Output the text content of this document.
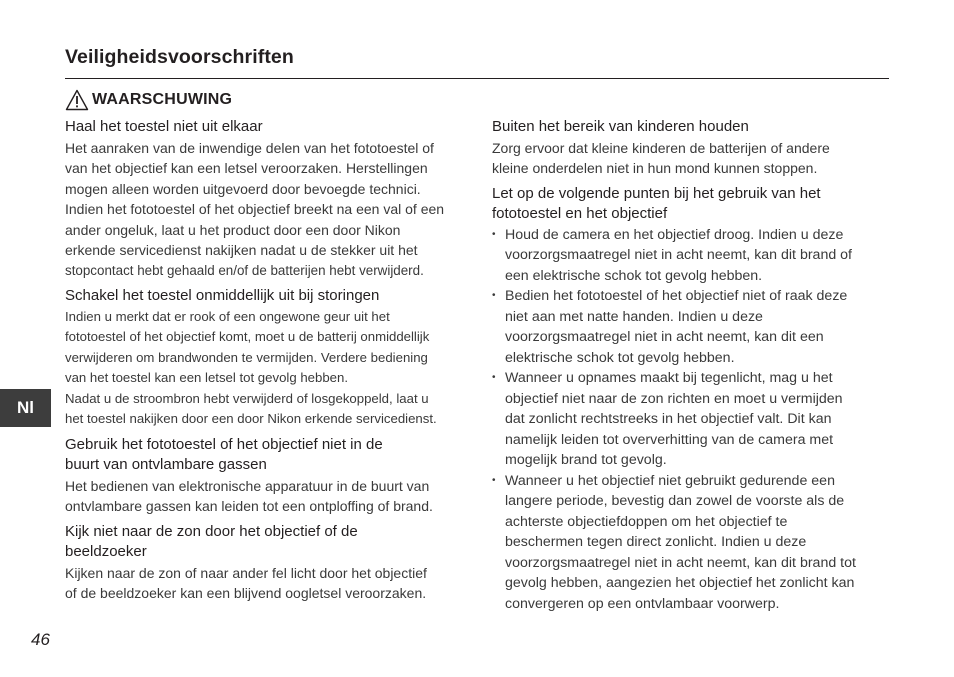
Veiligheidsvoorschriften
WAARSCHUWING
Haal het toestel niet uit elkaar
Het aanraken van de inwendige delen van het fototoestel of
van het objectief kan een letsel veroorzaken. Herstellingen
mogen alleen worden uitgevoerd door bevoegde technici.
Indien het fototoestel of het objectief breekt na een val of een
ander ongeluk, laat u het product door een door Nikon
erkende servicedienst nakijken nadat u de stekker uit het
stopcontact hebt gehaald en/of de batterijen hebt verwijderd.
Schakel het toestel onmiddellijk uit bij storingen
Indien u merkt dat er rook of een ongewone geur uit het
fototoestel of het objectief komt, moet u de batterij onmiddellijk
verwijderen om brandwonden te vermijden. Verdere bediening
van het toestel kan een letsel tot gevolg hebben.
Nadat u de stroombron hebt verwijderd of losgekoppeld, laat u
het toestel nakijken door een door Nikon erkende servicedienst.
Gebruik het fototoestel of het objectief niet in de
buurt van ontvlambare gassen
Het bedienen van elektronische apparatuur in de buurt van
ontvlambare gassen kan leiden tot een ontploffing of brand.
Kijk niet naar de zon door het objectief of de
beeldzoeker
Kijken naar de zon of naar ander fel licht door het objectief
of de beeldzoeker kan een blijvend oogletsel veroorzaken.
Buiten het bereik van kinderen houden
Zorg ervoor dat kleine kinderen de batterijen of andere
kleine onderdelen niet in hun mond kunnen stoppen.
Let op de volgende punten bij het gebruik van het
fototoestel en het objectief
• Houd de camera en het objectief droog. Indien u deze
voorzorgsmaatregel niet in acht neemt, kan dit brand of
een elektrische schok tot gevolg hebben.
• Bedien het fototoestel of het objectief niet of raak deze
niet aan met natte handen. Indien u deze
voorzorgsmaatregel niet in acht neemt, kan dit een
elektrische schok tot gevolg hebben.
• Wanneer u opnames maakt bij tegenlicht, mag u het
objectief niet naar de zon richten en moet u vermijden
dat zonlicht rechtstreeks in het objectief valt. Dit kan
namelijk leiden tot oververhitting van de camera met
mogelijk brand tot gevolg.
• Wanneer u het objectief niet gebruikt gedurende een
langere periode, bevestig dan zowel de voorste als de
achterste objectiefdoppen om het objectief te
beschermen tegen direct zonlicht. Indien u deze
voorzorgsmaatregel niet in acht neemt, kan dit brand tot
gevolg hebben, aangezien het objectief het zonlicht kan
convergeren op een ontvlambaar voorwerp.
Nl
46
